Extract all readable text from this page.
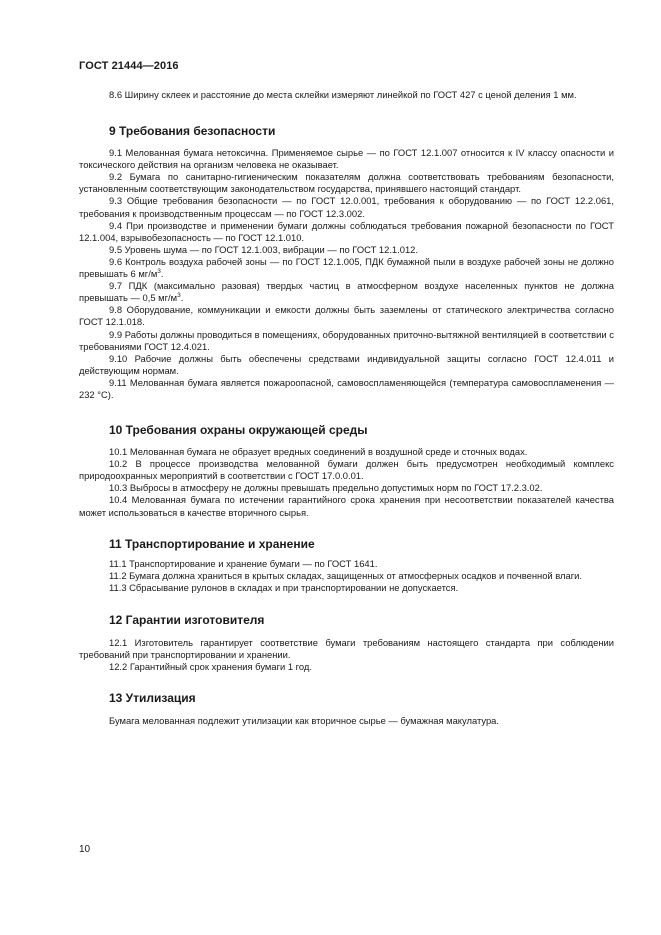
ГОСТ 21444—2016

8.6 Ширину склеек и расстояние до места склейки измеряют линейкой по ГОСТ 427 с ценой деления 1 мм.

9 Требования безопасности

9.1 Мелованная бумага нетоксична. Применяемое сырье — по ГОСТ 12.1.007 относится к IV классу опасности и токсического действия на организм человека не оказывает.

9.2 Бумага по санитарно-гигиеническим показателям должна соответствовать требованиям безопасности, установленным соответствующим законодательством государства, принявшего настоящий стандарт.

9.3 Общие требования безопасности — по ГОСТ 12.0.001, требования к оборудованию — по ГОСТ 12.2.061, требования к производственным процессам — по ГОСТ 12.3.002.

9.4 При производстве и применении бумаги должны соблюдаться требования пожарной безопасности по ГОСТ 12.1.004, взрывобезопасность — по ГОСТ 12.1.010.

9.5 Уровень шума — по ГОСТ 12.1.003, вибрации — по ГОСТ 12.1.012.

9.6 Контроль воздуха рабочей зоны — по ГОСТ 12.1.005, ПДК бумажной пыли в воздухе рабочей зоны не должно превышать 6 $мг/м^3$.

9.7 ПДК (максимально разовая) твердых частиц в атмосферном воздухе населенных пунктов не должна превышать — 0,5 $мг/м^3$.

9.8 Оборудование, коммуникации и емкости должны быть заземлены от статического электричества согласно ГОСТ 12.1.018.

9.9 Работы должны проводиться в помещениях, оборудованных приточно-вытяжной вентиляцией в соответствии с требованиями ГОСТ 12.4.021.

9.10 Рабочие должны быть обеспечены средствами индивидуальной защиты согласно ГОСТ 12.4.011 и действующим нормам.

9.11 Мелованная бумага является пожароопасной, самовоспламеняющейся (температура самовоспламенения — 232 °С).

10 Требования охраны окружающей среды

10.1 Мелованная бумага не образует вредных соединений в воздушной среде и сточных водах.

10.2 В процессе производства мелованной бумаги должен быть предусмотрен необходимый комплекс природоохранных мероприятий в соответствии с ГОСТ 17.0.0.01.

10.3 Выбросы в атмосферу не должны превышать предельно допустимых норм по ГОСТ 17.2.3.02.

10.4 Мелованная бумага по истечении гарантийного срока хранения при несоответствии показателей качества может использоваться в качестве вторичного сырья.

11 Транспортирование и хранение

11.1 Транспортирование и хранение бумаги — по ГОСТ 1641.

11.2 Бумага должна храниться в крытых складах, защищенных от атмосферных осадков и почвенной влаги.

11.3 Сбрасывание рулонов в складах и при транспортировании не допускается.

12 Гарантии изготовителя

12.1 Изготовитель гарантирует соответствие бумаги требованиям настоящего стандарта при соблюдении требований при транспортировании и хранении.

12.2 Гарантийный срок хранения бумаги 1 год.

13 Утилизация

Бумага мелованная подлежит утилизации как вторичное сырье — бумажная макулатура.

10
